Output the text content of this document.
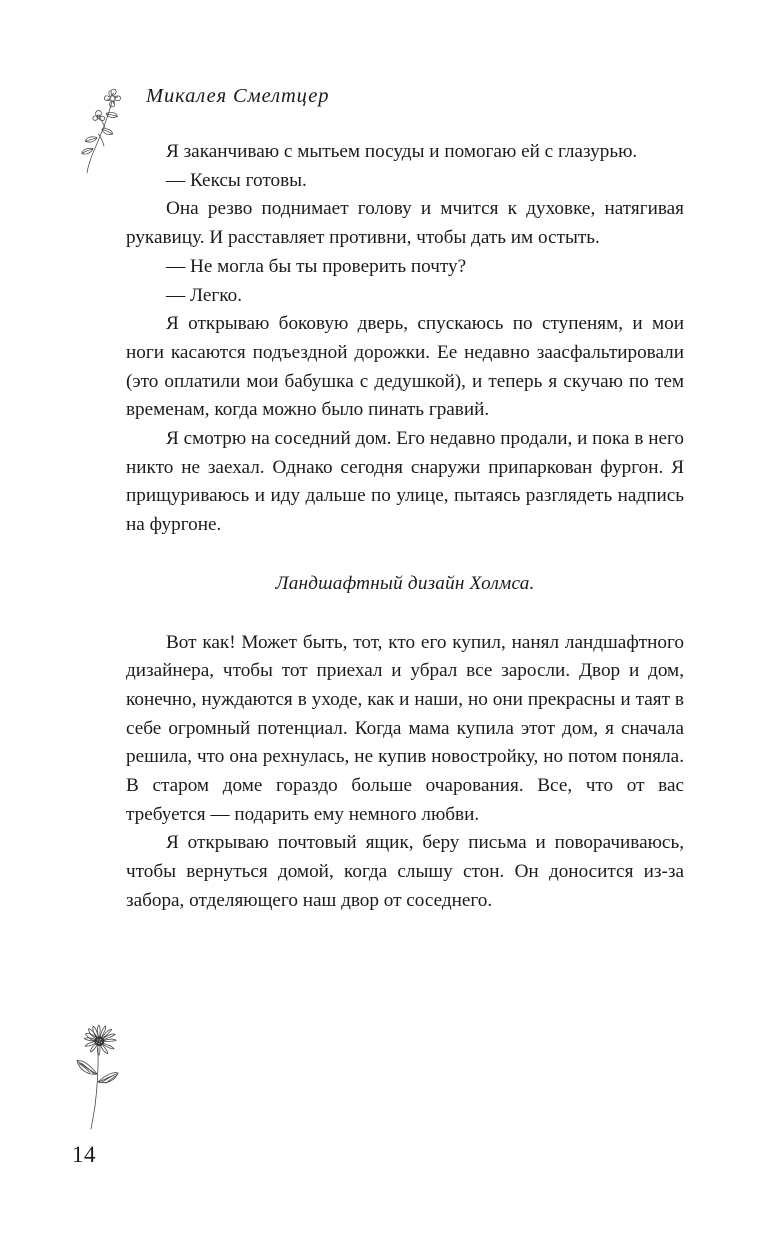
Микалея Смелтцер

Я заканчиваю с мытьем посуды и помогаю ей с глазурью.

— Кексы готовы.

Она резво поднимает голову и мчится к духовке, натягивая рукавицу. И расставляет противни, чтобы дать им остыть.

— Не могла бы ты проверить почту?

— Легко.

Я открываю боковую дверь, спускаюсь по ступеням, и мои ноги касаются подъездной дорожки. Ее недавно заасфальтировали (это оплатили мои бабушка с дедушкой), и теперь я скучаю по тем временам, когда можно было пинать гравий.

Я смотрю на соседний дом. Его недавно продали, и пока в него никто не заехал. Однако сегодня снаружи припаркован фургон. Я прищуриваюсь и иду дальше по улице, пытаясь разглядеть надпись на фургоне.

Ландшафтный дизайн Холмса.

Вот как! Может быть, тот, кто его купил, нанял ландшафтного дизайнера, чтобы тот приехал и убрал все заросли. Двор и дом, конечно, нуждаются в уходе, как и наши, но они прекрасны и таят в себе огромный потенциал. Когда мама купила этот дом, я сначала решила, что она рехнулась, не купив новостройку, но потом поняла. В старом доме гораздо больше очарования. Все, что от вас требуется — подарить ему немного любви.

Я открываю почтовый ящик, беру письма и поворачиваюсь, чтобы вернуться домой, когда слышу стон. Он доносится из-за забора, отделяющего наш двор от соседнего.

14
